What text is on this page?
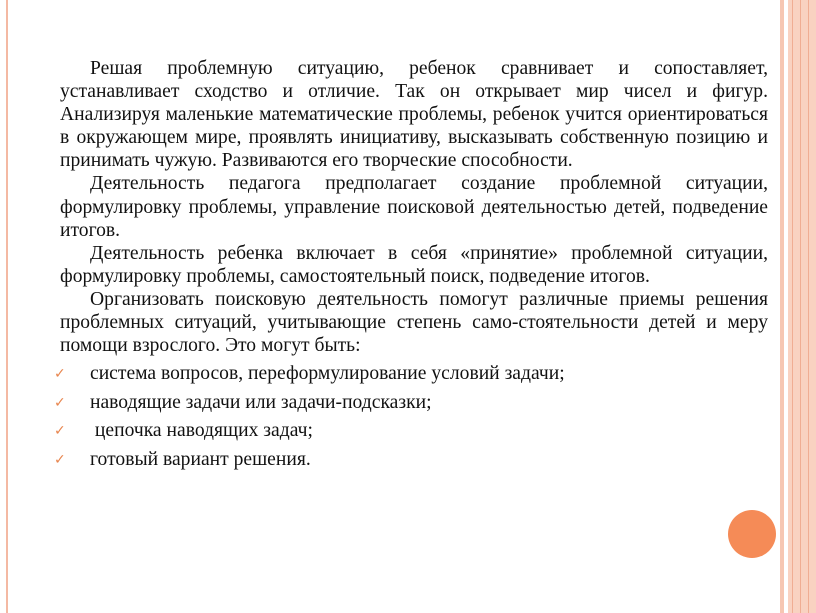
Решая проблемную ситуацию, ребенок сравнивает и сопоставляет, устанавливает сходство и отличие. Так он открывает мир чисел и фигур. Анализируя маленькие математические проблемы, ребенок учится ориентироваться в окружающем мире, проявлять инициативу, высказывать собственную позицию и принимать чужую. Развиваются его творческие способности.

Деятельность педагога предполагает создание проблемной ситуации, формулировку проблемы, управление поисковой деятельностью детей, подведение итогов.

Деятельность ребенка включает в себя «принятие» проблемной ситуации, формулировку проблемы, самостоятельный поиск, подведение итогов.

Организовать поисковую деятельность помогут различные приемы решения проблемных ситуаций, учитывающие степень само-стоятельности детей и меру помощи взрослого. Это могут быть:

✓ система вопросов, переформулирование условий задачи;
✓ наводящие задачи или задачи-подсказки;
✓ цепочка наводящих задач;
✓ готовый вариант решения.
